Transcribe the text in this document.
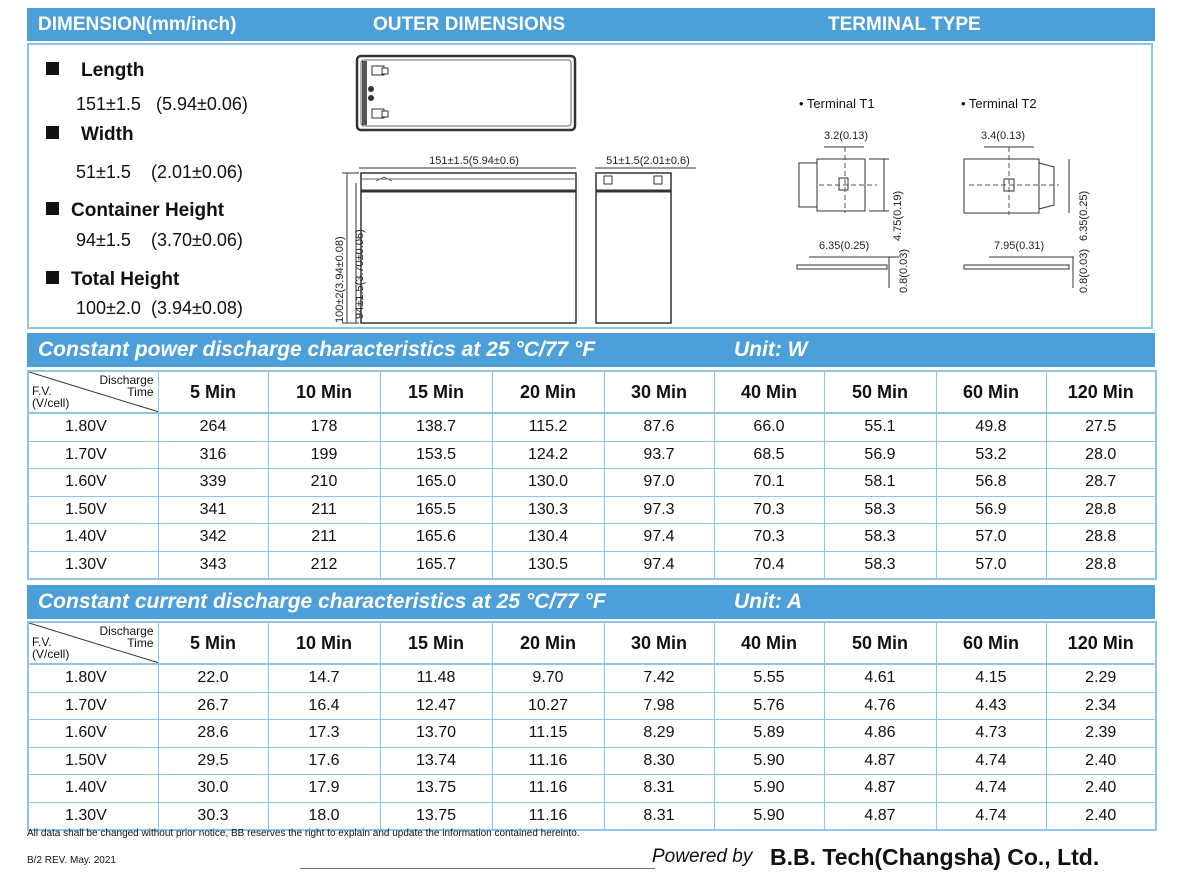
DIMENSION(mm/inch)	OUTER DIMENSIONS	TERMINAL TYPE
Length
151±1.5 (5.94±0.06)
Width
51±1.5 (2.01±0.06)
Container Height
94±1.5 (3.70±0.06)
Total Height
100±2.0 (3.94±0.08)
151±1.5(5.94±0.6)	51±1.5(2.01±0.6)
100±2(3.94±0.08) 94±1.5(3.70±0.06)
• Terminal T1
3.2(0.13)
4.75(0.19)
6.35(0.25)
0.8(0.03)
• Terminal T2
3.4(0.13)
6.35(0.25)
7.95(0.31)
0.8(0.03)
Constant power discharge characteristics at 25 °C/77 °F	Unit: W
Discharge
Time
F.V.
(V/cell)	5 Min	10 Min	15 Min	20 Min	30 Min	40 Min	50 Min	60 Min	120 Min
1.80V	264	178	138.7	115.2	87.6	66.0	55.1	49.8	27.5
1.70V	316	199	153.5	124.2	93.7	68.5	56.9	53.2	28.0
1.60V	339	210	165.0	130.0	97.0	70.1	58.1	56.8	28.7
1.50V	341	211	165.5	130.3	97.3	70.3	58.3	56.9	28.8
1.40V	342	211	165.6	130.4	97.4	70.3	58.3	57.0	28.8
1.30V	343	212	165.7	130.5	97.4	70.4	58.3	57.0	28.8
Constant current discharge characteristics at 25 °C/77 °F	Unit: A
Discharge
Time
F.V.
(V/cell)	5 Min	10 Min	15 Min	20 Min	30 Min	40 Min	50 Min	60 Min	120 Min
1.80V	22.0	14.7	11.48	9.70	7.42	5.55	4.61	4.15	2.29
1.70V	26.7	16.4	12.47	10.27	7.98	5.76	4.76	4.43	2.34
1.60V	28.6	17.3	13.70	11.15	8.29	5.89	4.86	4.73	2.39
1.50V	29.5	17.6	13.74	11.16	8.30	5.90	4.87	4.74	2.40
1.40V	30.0	17.9	13.75	11.16	8.31	5.90	4.87	4.74	2.40
1.30V	30.3	18.0	13.75	11.16	8.31	5.90	4.87	4.74	2.40
All data shall be changed without prior notice, BB reserves the right to explain and update the information contained hereinto.
B/2 REV. May. 2021	Powered by B.B. Tech(Changsha) Co., Ltd.
